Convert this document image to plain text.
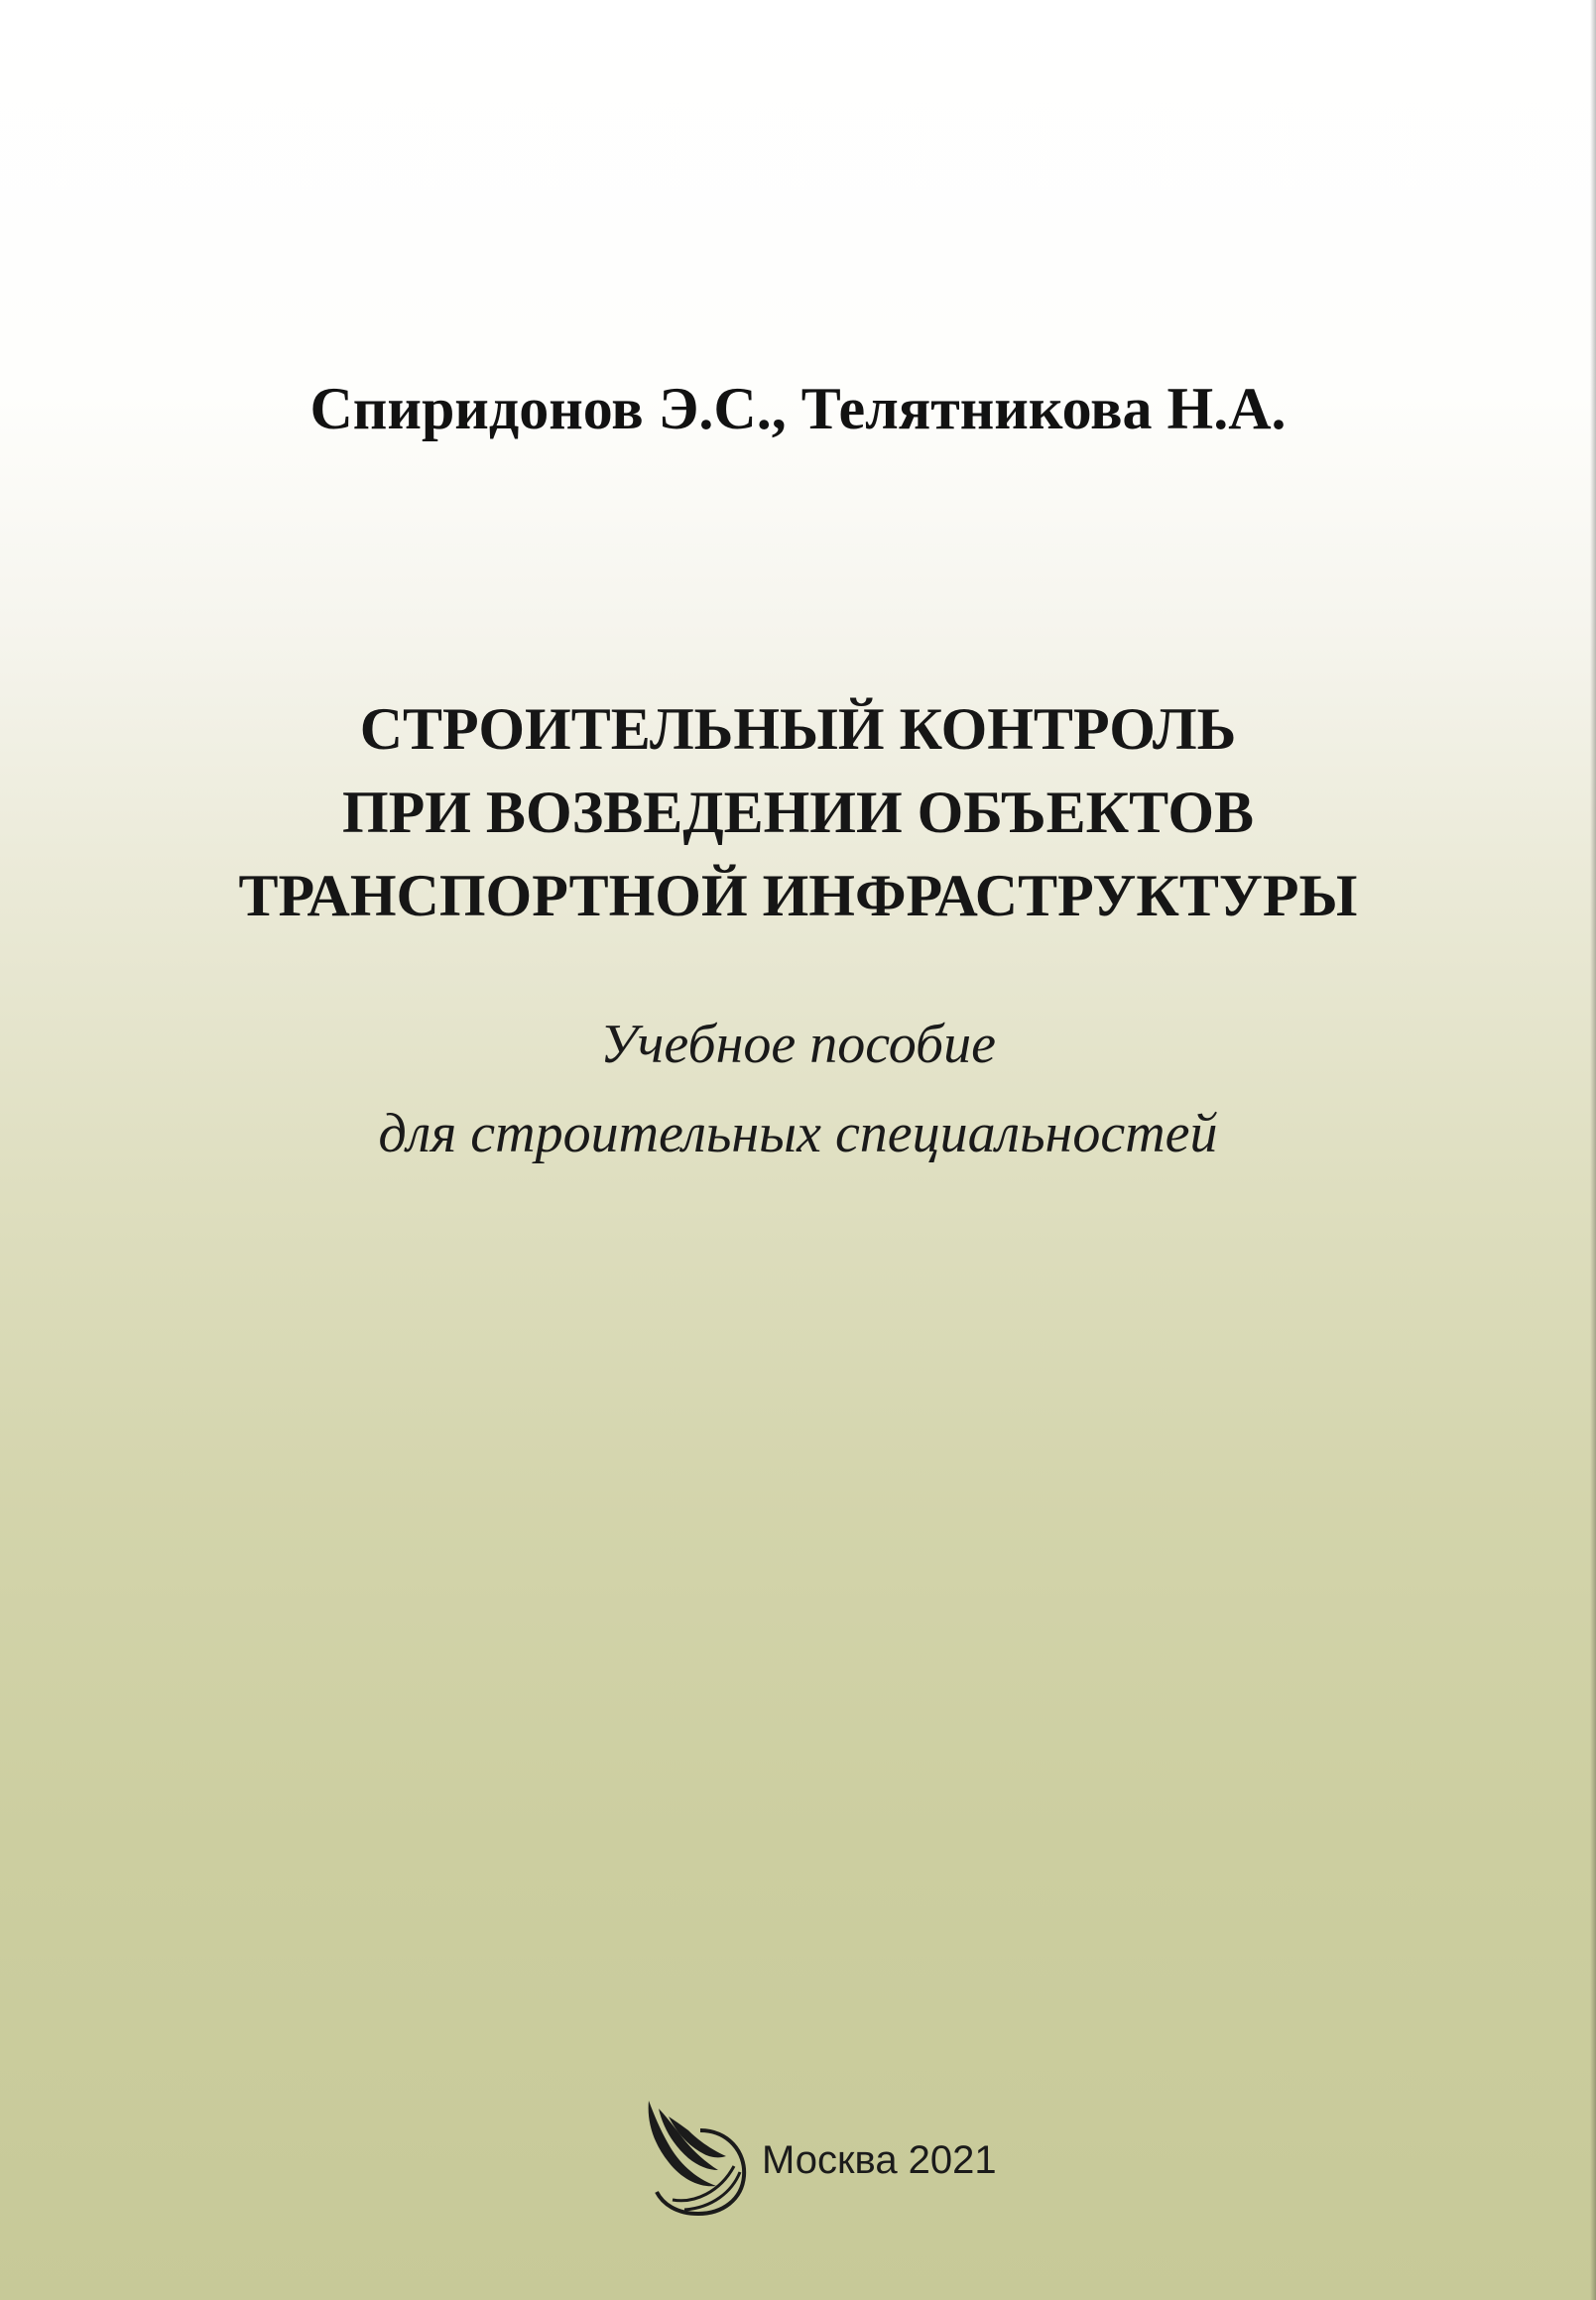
Спиридонов Э.С., Телятникова Н.А.
СТРОИТЕЛЬНЫЙ КОНТРОЛЬ
ПРИ ВОЗВЕДЕНИИ ОБЪЕКТОВ
ТРАНСПОРТНОЙ ИНФРАСТРУКТУРЫ
Учебное пособие
для строительных специальностей
Москва 2021
